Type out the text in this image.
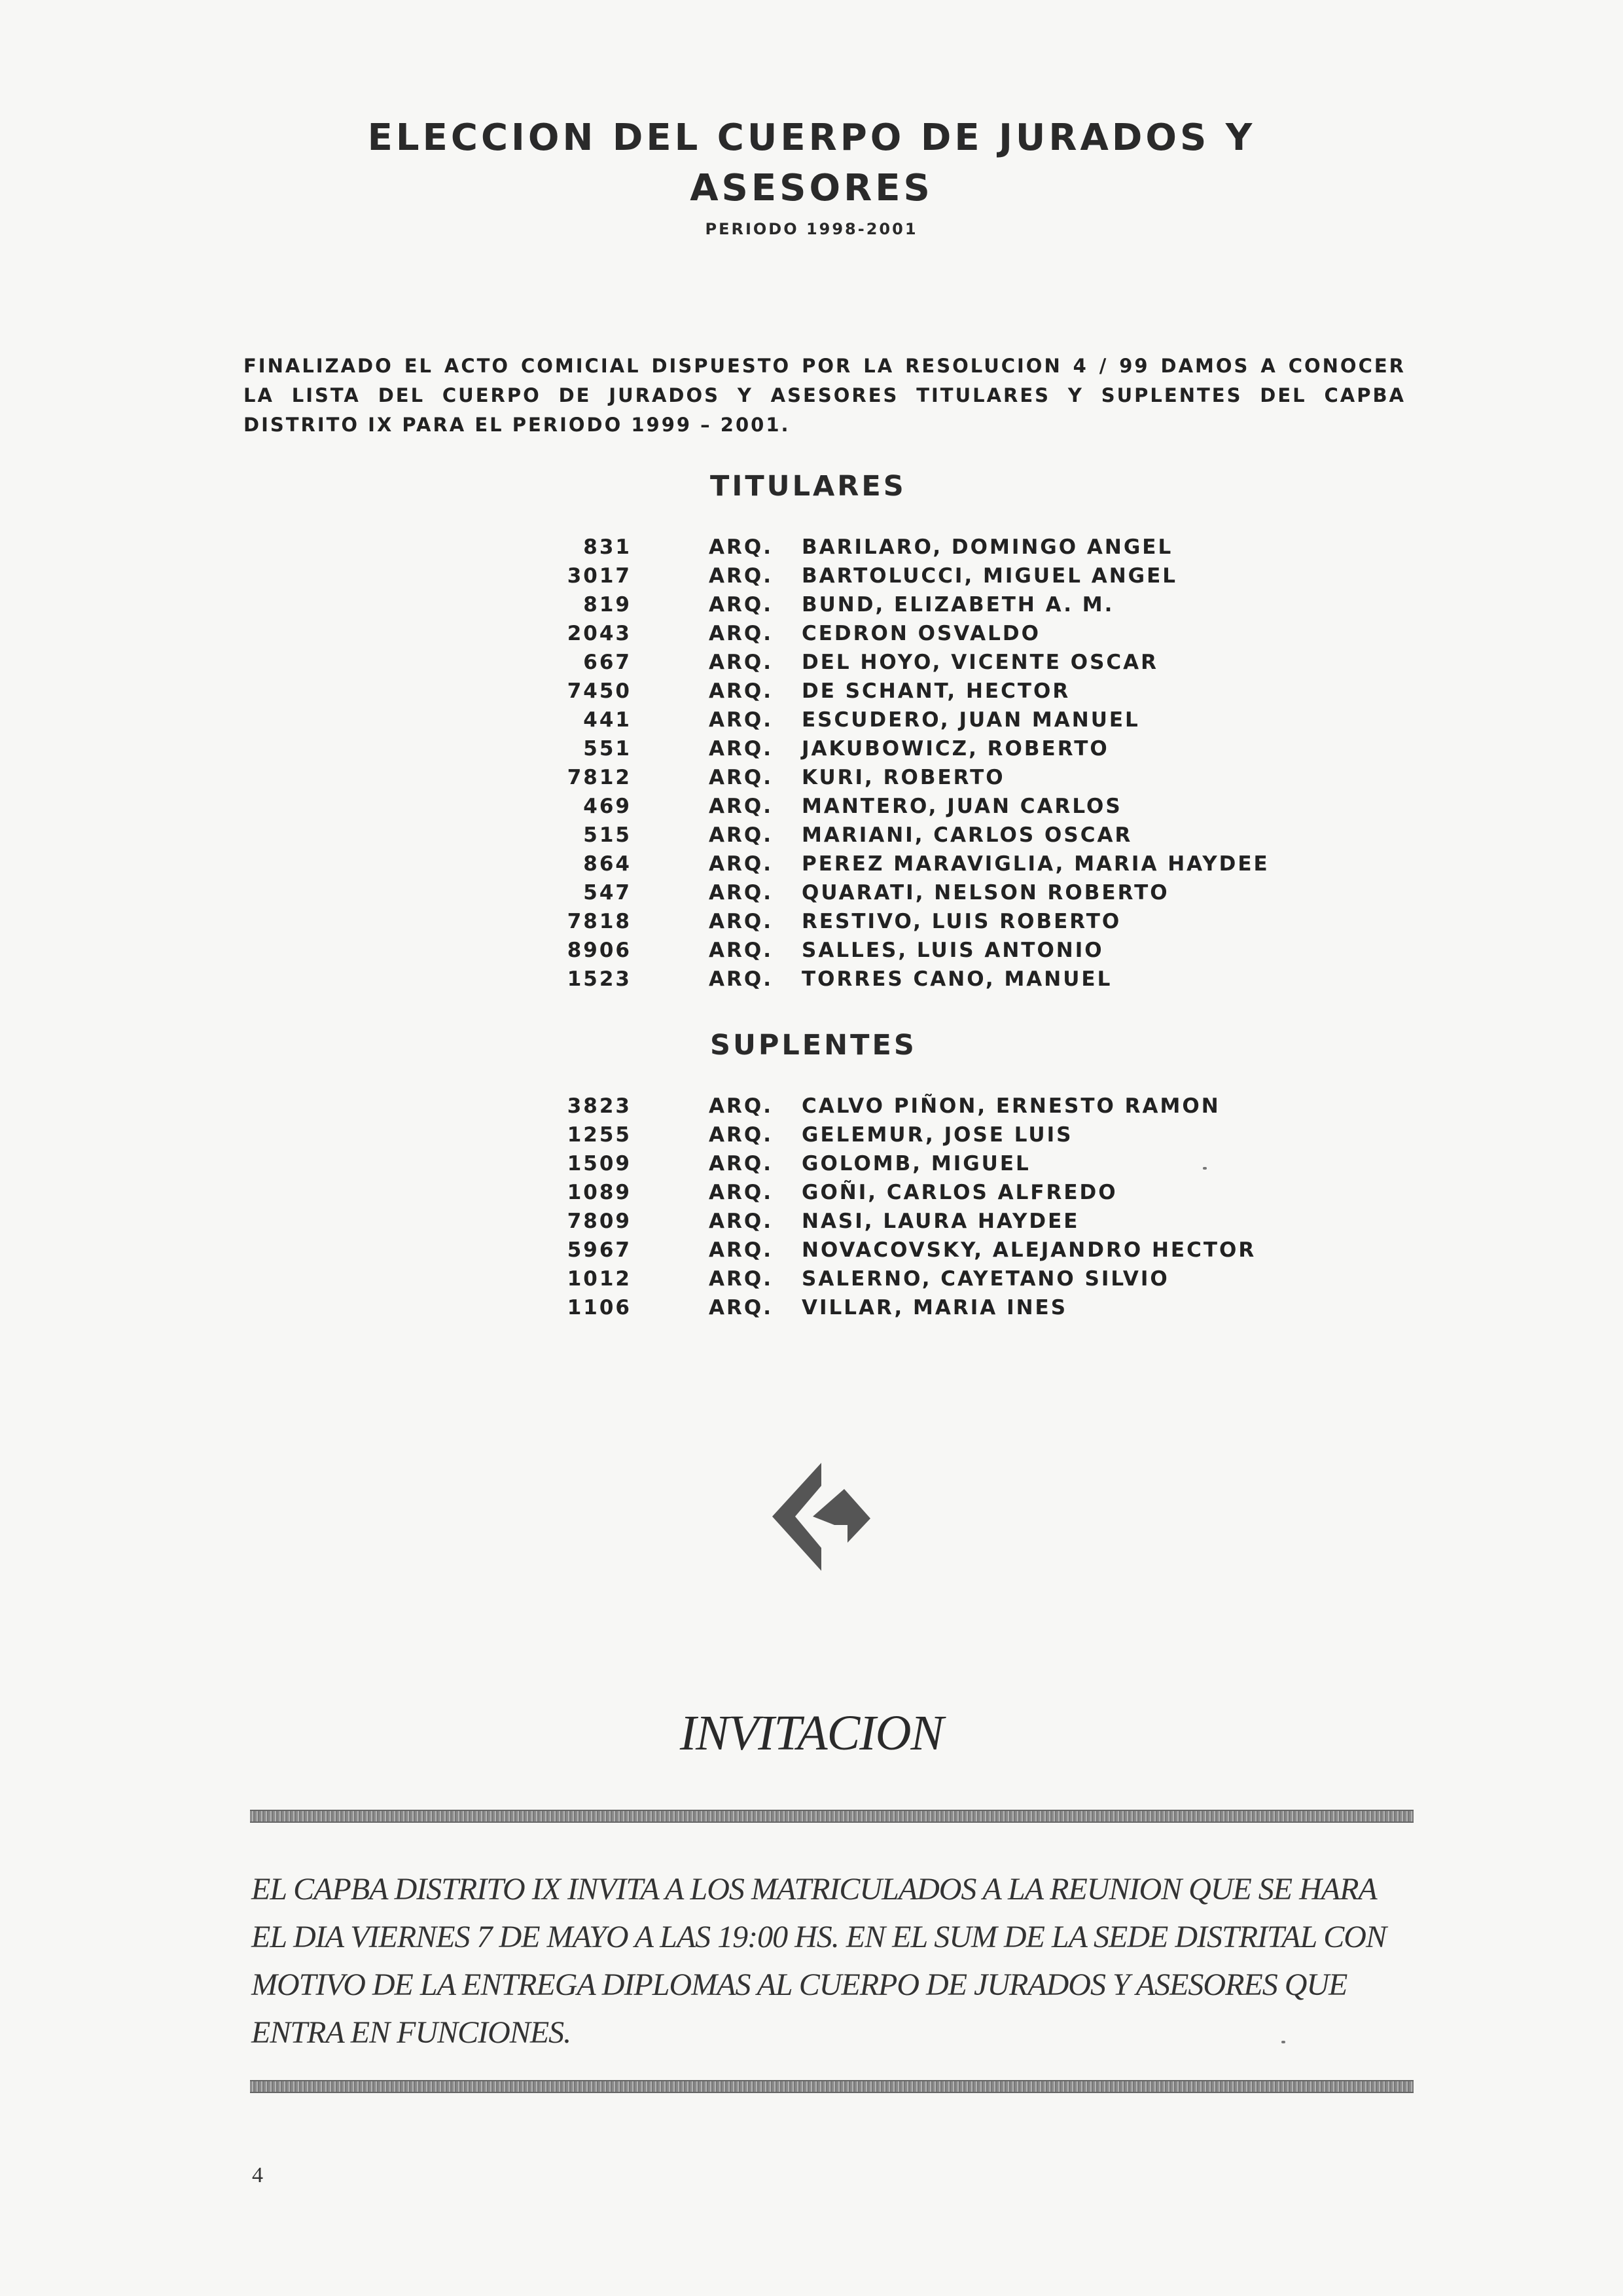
ELECCION DEL CUERPO DE JURADOS Y
ASESORES
PERIODO 1998-2001
FINALIZADO EL ACTO COMICIAL DISPUESTO POR LA RESOLUCION 4 / 99 DAMOS A CONOCER LA LISTA DEL CUERPO DE JURADOS Y ASESORES TITULARES Y SUPLENTES DEL CAPBA DISTRITO IX PARA EL PERIODO 1999 – 2001.
TITULARES
831	ARQ. BARILARO, DOMINGO ANGEL
3017	ARQ. BARTOLUCCI, MIGUEL ANGEL
819	ARQ. BUND, ELIZABETH A. M.
2043	ARQ. CEDRON OSVALDO
667	ARQ. DEL HOYO, VICENTE OSCAR
7450	ARQ. DE SCHANT, HECTOR
441	ARQ. ESCUDERO, JUAN MANUEL
551	ARQ. JAKUBOWICZ, ROBERTO
7812	ARQ. KURI, ROBERTO
469	ARQ. MANTERO, JUAN CARLOS
515	ARQ. MARIANI, CARLOS OSCAR
864	ARQ. PEREZ MARAVIGLIA, MARIA HAYDEE
547	ARQ. QUARATI, NELSON ROBERTO
7818	ARQ. RESTIVO, LUIS ROBERTO
8906	ARQ. SALLES, LUIS ANTONIO
1523	ARQ. TORRES CANO, MANUEL
SUPLENTES
3823	ARQ. CALVO PIÑON, ERNESTO RAMON
1255	ARQ. GELEMUR, JOSE LUIS
1509	ARQ. GOLOMB, MIGUEL
1089	ARQ. GOÑI, CARLOS ALFREDO
7809	ARQ. NASI, LAURA HAYDEE
5967	ARQ. NOVACOVSKY, ALEJANDRO HECTOR
1012	ARQ. SALERNO, CAYETANO SILVIO
1106	ARQ. VILLAR, MARIA INES
INVITACION
EL CAPBA DISTRITO IX INVITA A LOS MATRICULADOS A LA REUNION QUE SE HARA EL DIA VIERNES 7 DE MAYO A LAS 19:00 HS. EN EL SUM DE LA SEDE DISTRITAL CON MOTIVO DE LA ENTREGA DIPLOMAS AL CUERPO DE JURADOS Y ASESORES QUE ENTRA EN FUNCIONES.
4
